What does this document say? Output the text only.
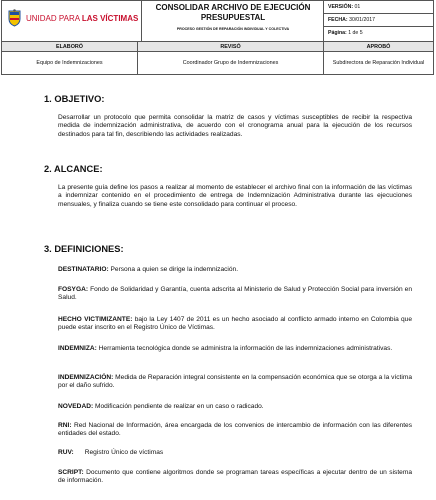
UNIDAD PARA LAS VÍCTIMAS
CONSOLIDAR ARCHIVO DE EJECUCIÓN PRESUPUESTAL
PROCESO GESTIÓN DE REPARACIÓN INDIVIDUAL Y COLECTIVA
VERSIÓN: 01
FECHA: 30/01/2017
Página: 1 de 5
ELABORÓ	REVISÓ	APROBÓ
Equipo de Indemnizaciones	Coordinador Grupo de Indemnizaciones	Subdirectora de Reparación Individual
1. OBJETIVO:
Desarrollar un protocolo que permita consolidar la matriz de casos y víctimas susceptibles de recibir la respectiva medida de indemnización administrativa, de acuerdo con el cronograma anual para la ejecución de los recursos destinados para tal fin, describiendo las actividades realizadas.
2. ALCANCE:
La presente guía define los pasos a realizar al momento de establecer el archivo final con la información de las víctimas a indemnizar contenido en el procedimiento de entrega de Indemnización Administrativa durante las ejecuciones mensuales, y finaliza cuando se tiene este consolidado para continuar el proceso.
3. DEFINICIONES:
DESTINATARIO: Persona a quien se dirige la indemnización.
FOSYGA: Fondo de Solidaridad y Garantía, cuenta adscrita al Ministerio de Salud y Protección Social para inversión en Salud.
HECHO VICTIMIZANTE: bajo la Ley 1407 de 2011 es un hecho asociado al conflicto armado interno en Colombia que puede estar inscrito en el Registro Único de Víctimas.
INDEMNIZA: Herramienta tecnológica donde se administra la información de las indemnizaciones administrativas.
INDEMNIZACIÓN: Medida de Reparación integral consistente en la compensación económica que se otorga a la víctima por el daño sufrido.
NOVEDAD: Modificación pendiente de realizar en un caso o radicado.
RNI: Red Nacional de Información, área encargada de los convenios de intercambio de información con las diferentes entidades del estado.
RUV:      Registro Único de víctimas
SCRIPT: Documento que contiene algoritmos donde se programan tareas específicas a ejecutar dentro de un sistema de información.
